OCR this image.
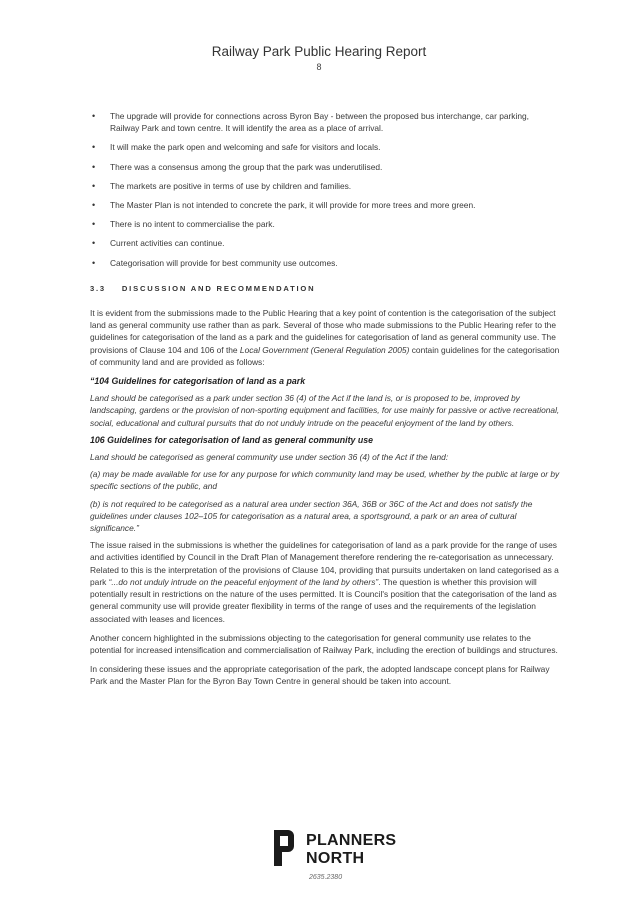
Railway Park Public Hearing Report
8
• The upgrade will provide for connections across Byron Bay - between the proposed bus interchange, car parking, Railway Park and town centre. It will identify the area as a place of arrival.
• It will make the park open and welcoming and safe for visitors and locals.
• There was a consensus among the group that the park was underutilised.
• The markets are positive in terms of use by children and families.
• The Master Plan is not intended to concrete the park, it will provide for more trees and more green.
• There is no intent to commercialise the park.
• Current activities can continue.
• Categorisation will provide for best community use outcomes.
3.3 DISCUSSION AND RECOMMENDATION

It is evident from the submissions made to the Public Hearing that a key point of contention is the categorisation of the subject land as general community use rather than as park. Several of those who made submissions to the Public Hearing refer to the guidelines for categorisation of the land as a park and the guidelines for categorisation of land as general community use. The provisions of Clause 104 and 106 of the Local Government (General Regulation 2005) contain guidelines for the categorisation of community land and are provided as follows:

“104 Guidelines for categorisation of land as a park

Land should be categorised as a park under section 36 (4) of the Act if the land is, or is proposed to be, improved by landscaping, gardens or the provision of non-sporting equipment and facilities, for use mainly for passive or active recreational, social, educational and cultural pursuits that do not unduly intrude on the peaceful enjoyment of the land by others.

106 Guidelines for categorisation of land as general community use

Land should be categorised as general community use under section 36 (4) of the Act if the land:

(a) may be made available for use for any purpose for which community land may be used, whether by the public at large or by specific sections of the public, and

(b) is not required to be categorised as a natural area under section 36A, 36B or 36C of the Act and does not satisfy the guidelines under clauses 102–105 for categorisation as a natural area, a sportsground, a park or an area of cultural significance.”

The issue raised in the submissions is whether the guidelines for categorisation of land as a park provide for the range of uses and activities identified by Council in the Draft Plan of Management therefore rendering the re-categorisation as unnecessary. Related to this is the interpretation of the provisions of Clause 104, providing that pursuits undertaken on land categorised as a park “...do not unduly intrude on the peaceful enjoyment of the land by others”. The question is whether this provision will potentially result in restrictions on the nature of the uses permitted. It is Council's position that the categorisation of the land as general community use will provide greater flexibility in terms of the range of uses and the requirements of the legislation associated with leases and licences.

Another concern highlighted in the submissions objecting to the categorisation for general community use relates to the potential for increased intensification and commercialisation of Railway Park, including the erection of buildings and structures.

In considering these issues and the appropriate categorisation of the park, the adopted landscape concept plans for Railway Park and the Master Plan for the Byron Bay Town Centre in general should be taken into account.

PLANNERS
NORTH
2635.2380
